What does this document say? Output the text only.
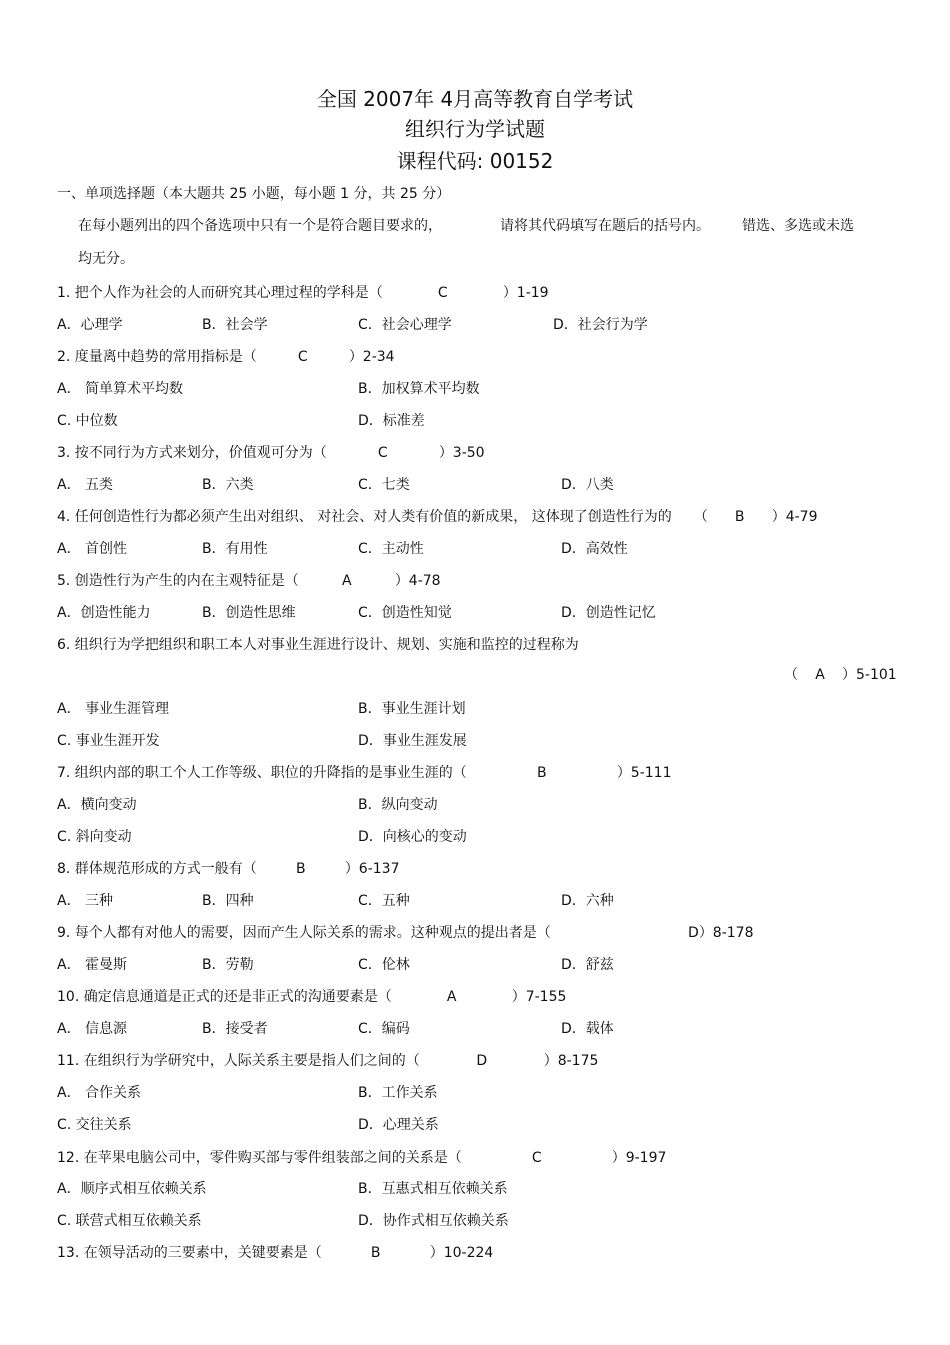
全国 2007年 4月高等教育自学考试
组织行为学试题
课程代码: 00152
一、单项选择题（本大题共 25 小题，每小题 1 分，共 25 分）
在每小题列出的四个备选项中只有一个是符合题目要求的，	请将其代码填写在题后的括号内。 错选、多选或未选
均无分。
1. 把个人作为社会的人而研究其心理过程的学科是（	C	）1-19
A．心理学	B．社会学	C．社会心理学	D．社会行为学
2. 度量离中趋势的常用指标是（	C	）2-34
A． 简单算术平均数	B．加权算术平均数
C. 中位数	D．标准差
3. 按不同行为方式来划分，价值观可分为（	C	）3-50
A． 五类	B．六类	C．七类	D．八类
4. 任何创造性行为都必须产生出对组织、 对社会、对人类有价值的新成果， 这体现了创造性行为的 （ B ）4-79
A． 首创性	B．有用性	C．主动性	D．高效性
5. 创造性行为产生的内在主观特征是（	A	）4-78
A．创造性能力	B．创造性思维	C．创造性知觉	D．创造性记忆
6. 组织行为学把组织和职工本人对事业生涯进行设计、规划、实施和监控的过程称为
（ A ）5-101
A． 事业生涯管理	B．事业生涯计划
C. 事业生涯开发	D．事业生涯发展
7. 组织内部的职工个人工作等级、职位的升降指的是事业生涯的（	B	）5-111
A．横向变动	B．纵向变动
C. 斜向变动	D．向核心的变动
8. 群体规范形成的方式一般有（	B	）6-137
A． 三种	B．四种	C．五种	D．六种
9. 每个人都有对他人的需要，因而产生人际关系的需求。这种观点的提出者是（	D）8-178
A． 霍曼斯	B．劳勒	C．伦林	D．舒兹
10. 确定信息通道是正式的还是非正式的沟通要素是（	A	）7-155
A． 信息源	B．接受者	C．编码	D．载体
11. 在组织行为学研究中，人际关系主要是指人们之间的（	D	）8-175
A． 合作关系	B．工作关系
C. 交往关系	D．心理关系
12. 在苹果电脑公司中，零件购买部与零件组装部之间的关系是（	C	）9-197
A．顺序式相互依赖关系	B．互惠式相互依赖关系
C. 联营式相互依赖关系	D．协作式相互依赖关系
13. 在领导活动的三要素中，关键要素是（	B	）10-224
